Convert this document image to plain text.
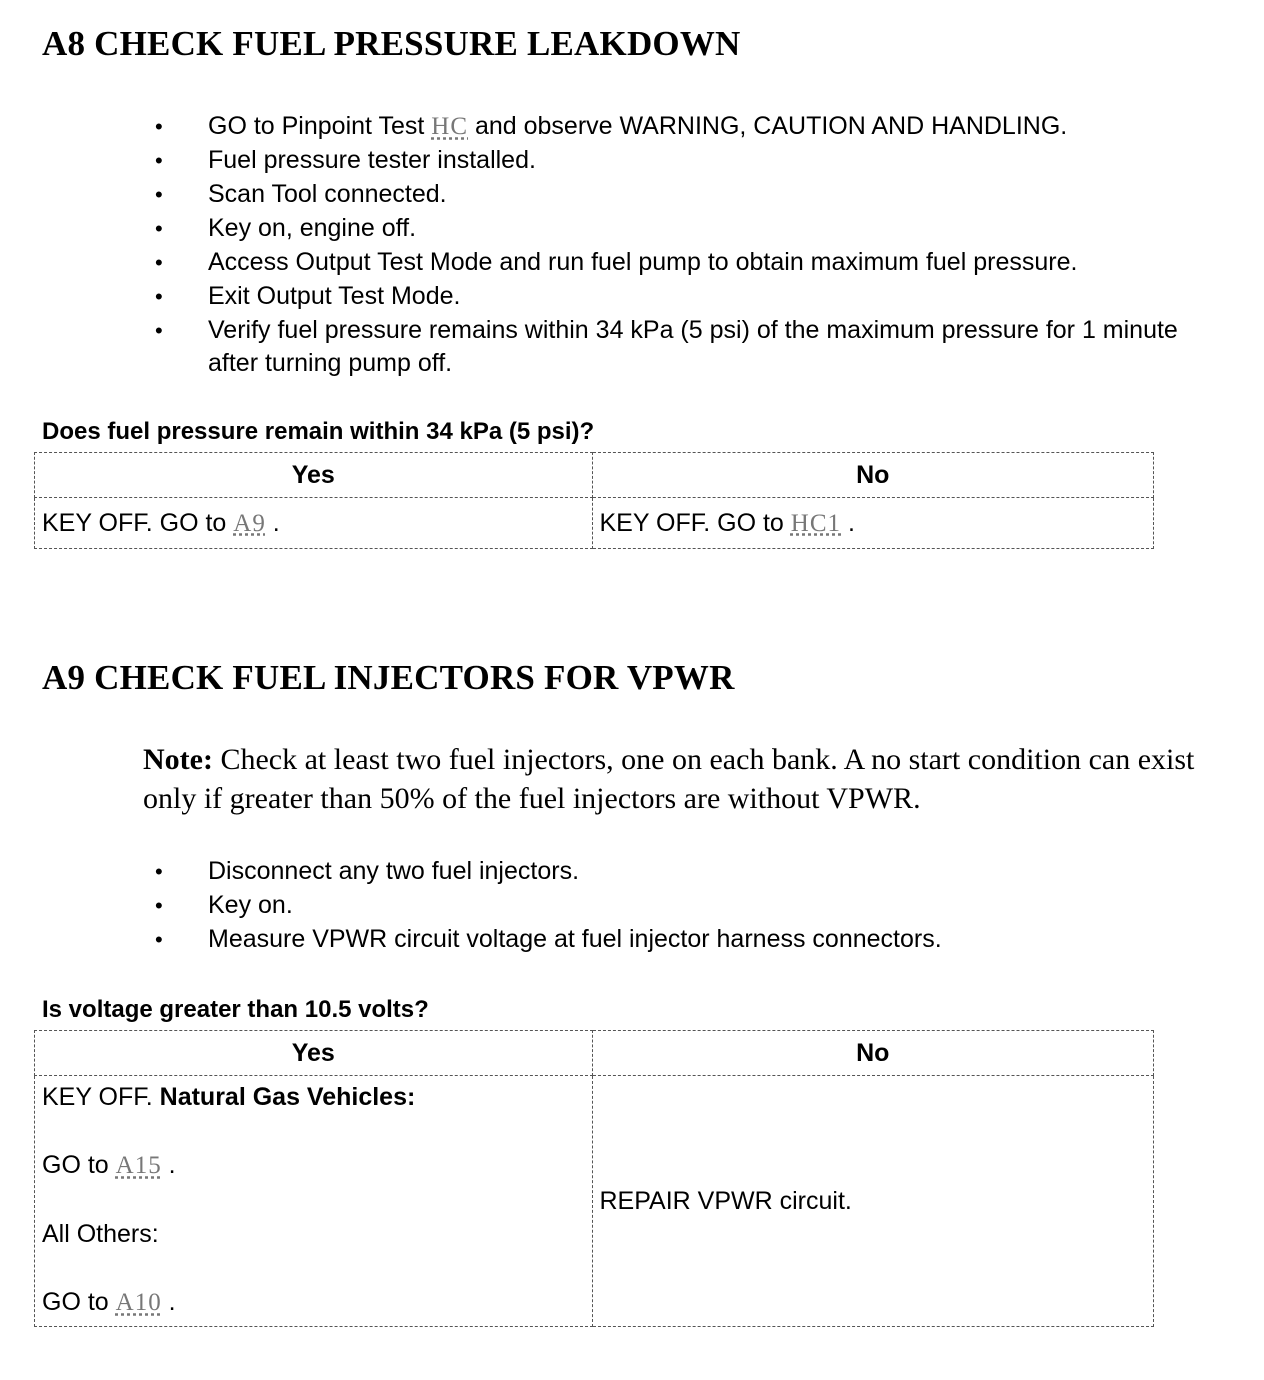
A8 CHECK FUEL PRESSURE LEAKDOWN
• GO to Pinpoint Test HC and observe WARNING, CAUTION AND HANDLING.
• Fuel pressure tester installed.
• Scan Tool connected.
• Key on, engine off.
• Access Output Test Mode and run fuel pump to obtain maximum fuel pressure.
• Exit Output Test Mode.
• Verify fuel pressure remains within 34 kPa (5 psi) of the maximum pressure for 1 minute after turning pump off.

Does fuel pressure remain within 34 kPa (5 psi)?

Yes	No
KEY OFF. GO to A9 .	KEY OFF. GO to HC1 .
A9 CHECK FUEL INJECTORS FOR VPWR

Note: Check at least two fuel injectors, one on each bank. A no start condition can exist only if greater than 50% of the fuel injectors are without VPWR.

• Disconnect any two fuel injectors.
• Key on.
• Measure VPWR circuit voltage at fuel injector harness connectors.

Is voltage greater than 10.5 volts?

Yes	No

KEY OFF. Natural Gas Vehicles:

GO to A15 .

All Others:

GO to A10 .	REPAIR VPWR circuit.
